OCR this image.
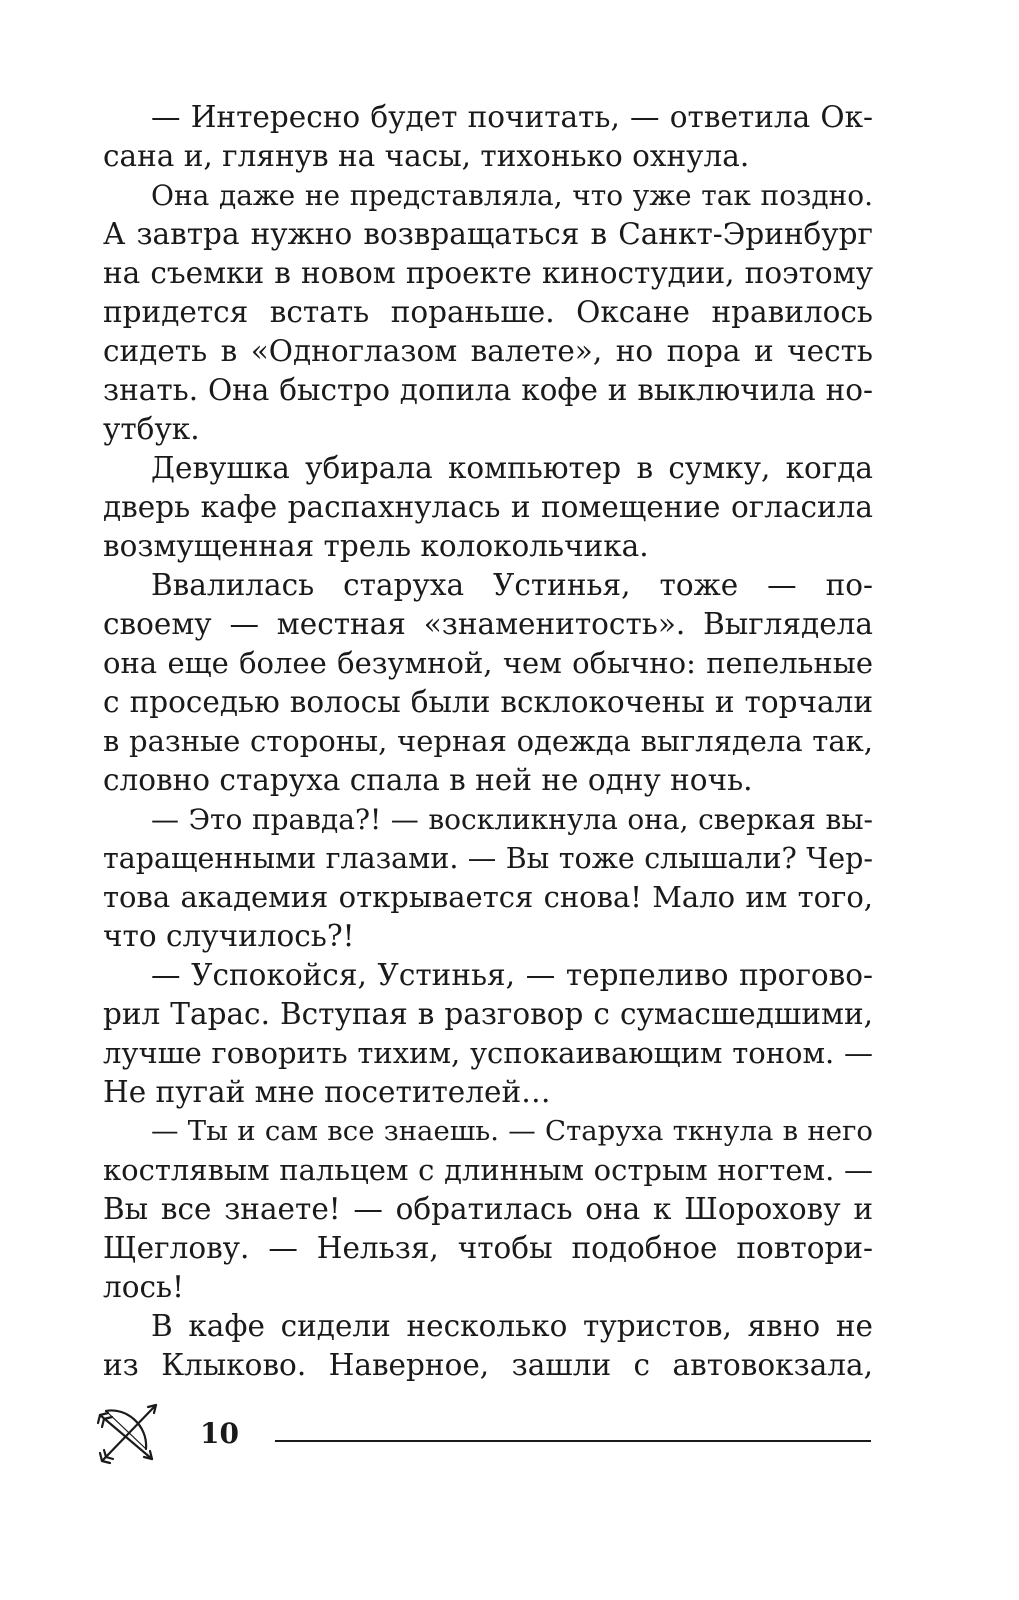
— Интересно будет почитать, — ответила Ок-
сана и, глянув на часы, тихонько охнула.
Она даже не представляла, что уже так поздно.
А завтра нужно возвращаться в Санкт-Эринбург
на съемки в новом проекте киностудии, поэтому
придется встать пораньше. Оксане нравилось
сидеть в «Одноглазом валете», но пора и честь
знать. Она быстро допила кофе и выключила но-
утбук.
Девушка убирала компьютер в сумку, когда
дверь кафе распахнулась и помещение огласила
возмущенная трель колокольчика.
Ввалилась старуха Устинья, тоже — по-
своему — местная «знаменитость». Выглядела
она еще более безумной, чем обычно: пепельные
с проседью волосы были всклокочены и торчали
в разные стороны, черная одежда выглядела так,
словно старуха спала в ней не одну ночь.
— Это правда?! — воскликнула она, сверкая вы-
таращенными глазами. — Вы тоже слышали? Чер-
това академия открывается снова! Мало им того,
что случилось?!
— Успокойся, Устинья, — терпеливо прогово-
рил Тарас. Вступая в разговор с сумасшедшими,
лучше говорить тихим, успокаивающим тоном. —
Не пугай мне посетителей…
— Ты и сам все знаешь. — Старуха ткнула в него
костлявым пальцем с длинным острым ногтем. —
Вы все знаете! — обратилась она к Шорохову и
Щеглову. — Нельзя, чтобы подобное повтори-
лось!
В кафе сидели несколько туристов, явно не
из Клыково. Наверное, зашли с автовокзала,
10
